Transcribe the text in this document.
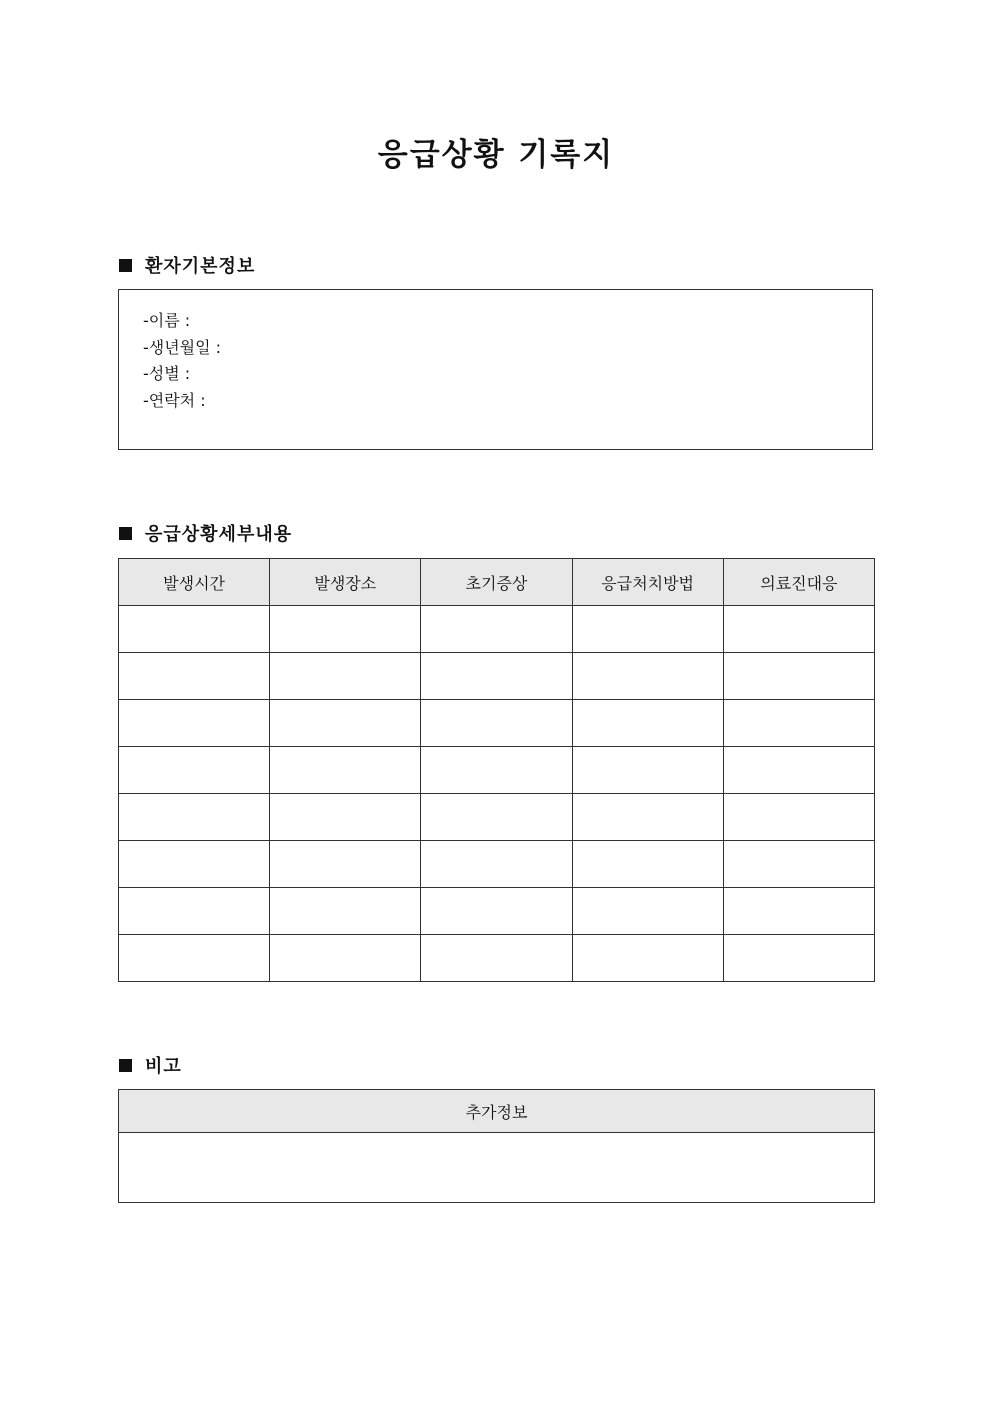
응급상황 기록지
환자기본정보
-이름 :
-생년월일 :
-성별 :
-연락처 :
응급상황세부내용
발생시간	발생장소	초기증상	응급처치방법	의료진대응

비고
추가정보
